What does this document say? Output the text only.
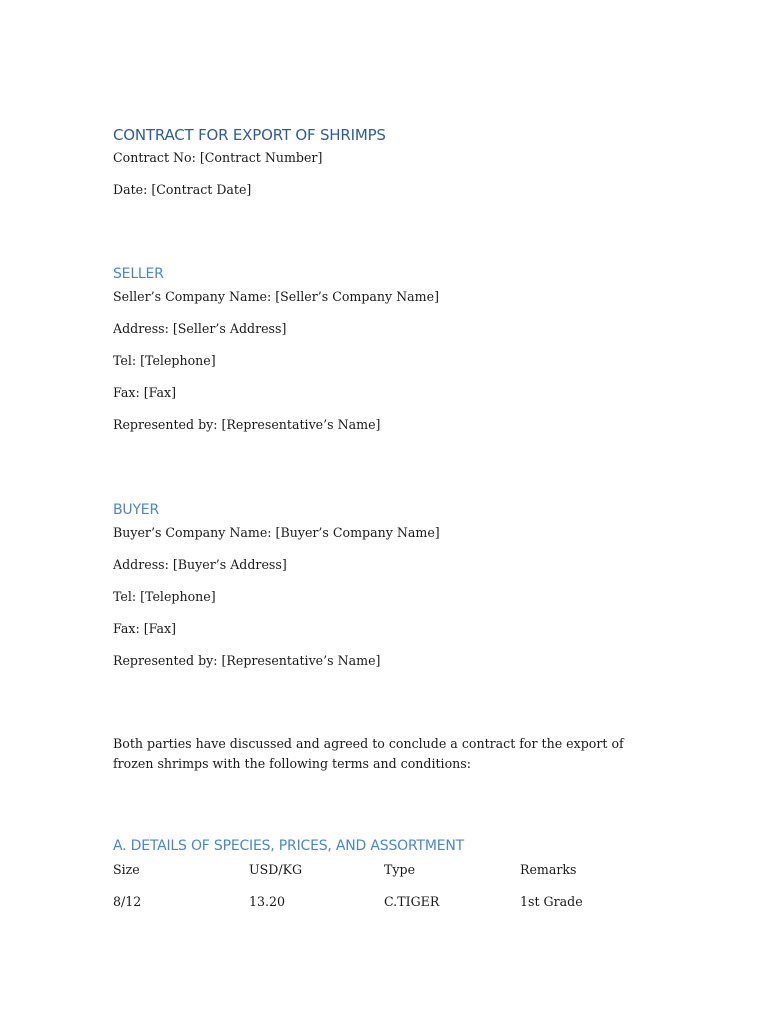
CONTRACT FOR EXPORT OF SHRIMPS

Contract No: [Contract Number]

Date: [Contract Date]

SELLER

Seller’s Company Name: [Seller’s Company Name]

Address: [Seller’s Address]

Tel: [Telephone]

Fax: [Fax]

Represented by: [Representative’s Name]

BUYER

Buyer’s Company Name: [Buyer’s Company Name]

Address: [Buyer’s Address]

Tel: [Telephone]

Fax: [Fax]

Represented by: [Representative’s Name]

Both parties have discussed and agreed to conclude a contract for the export of frozen shrimps with the following terms and conditions:

A. DETAILS OF SPECIES, PRICES, AND ASSORTMENT

Size	USD/KG	Type	Remarks

8/12	13.20	C.TIGER	1st Grade
